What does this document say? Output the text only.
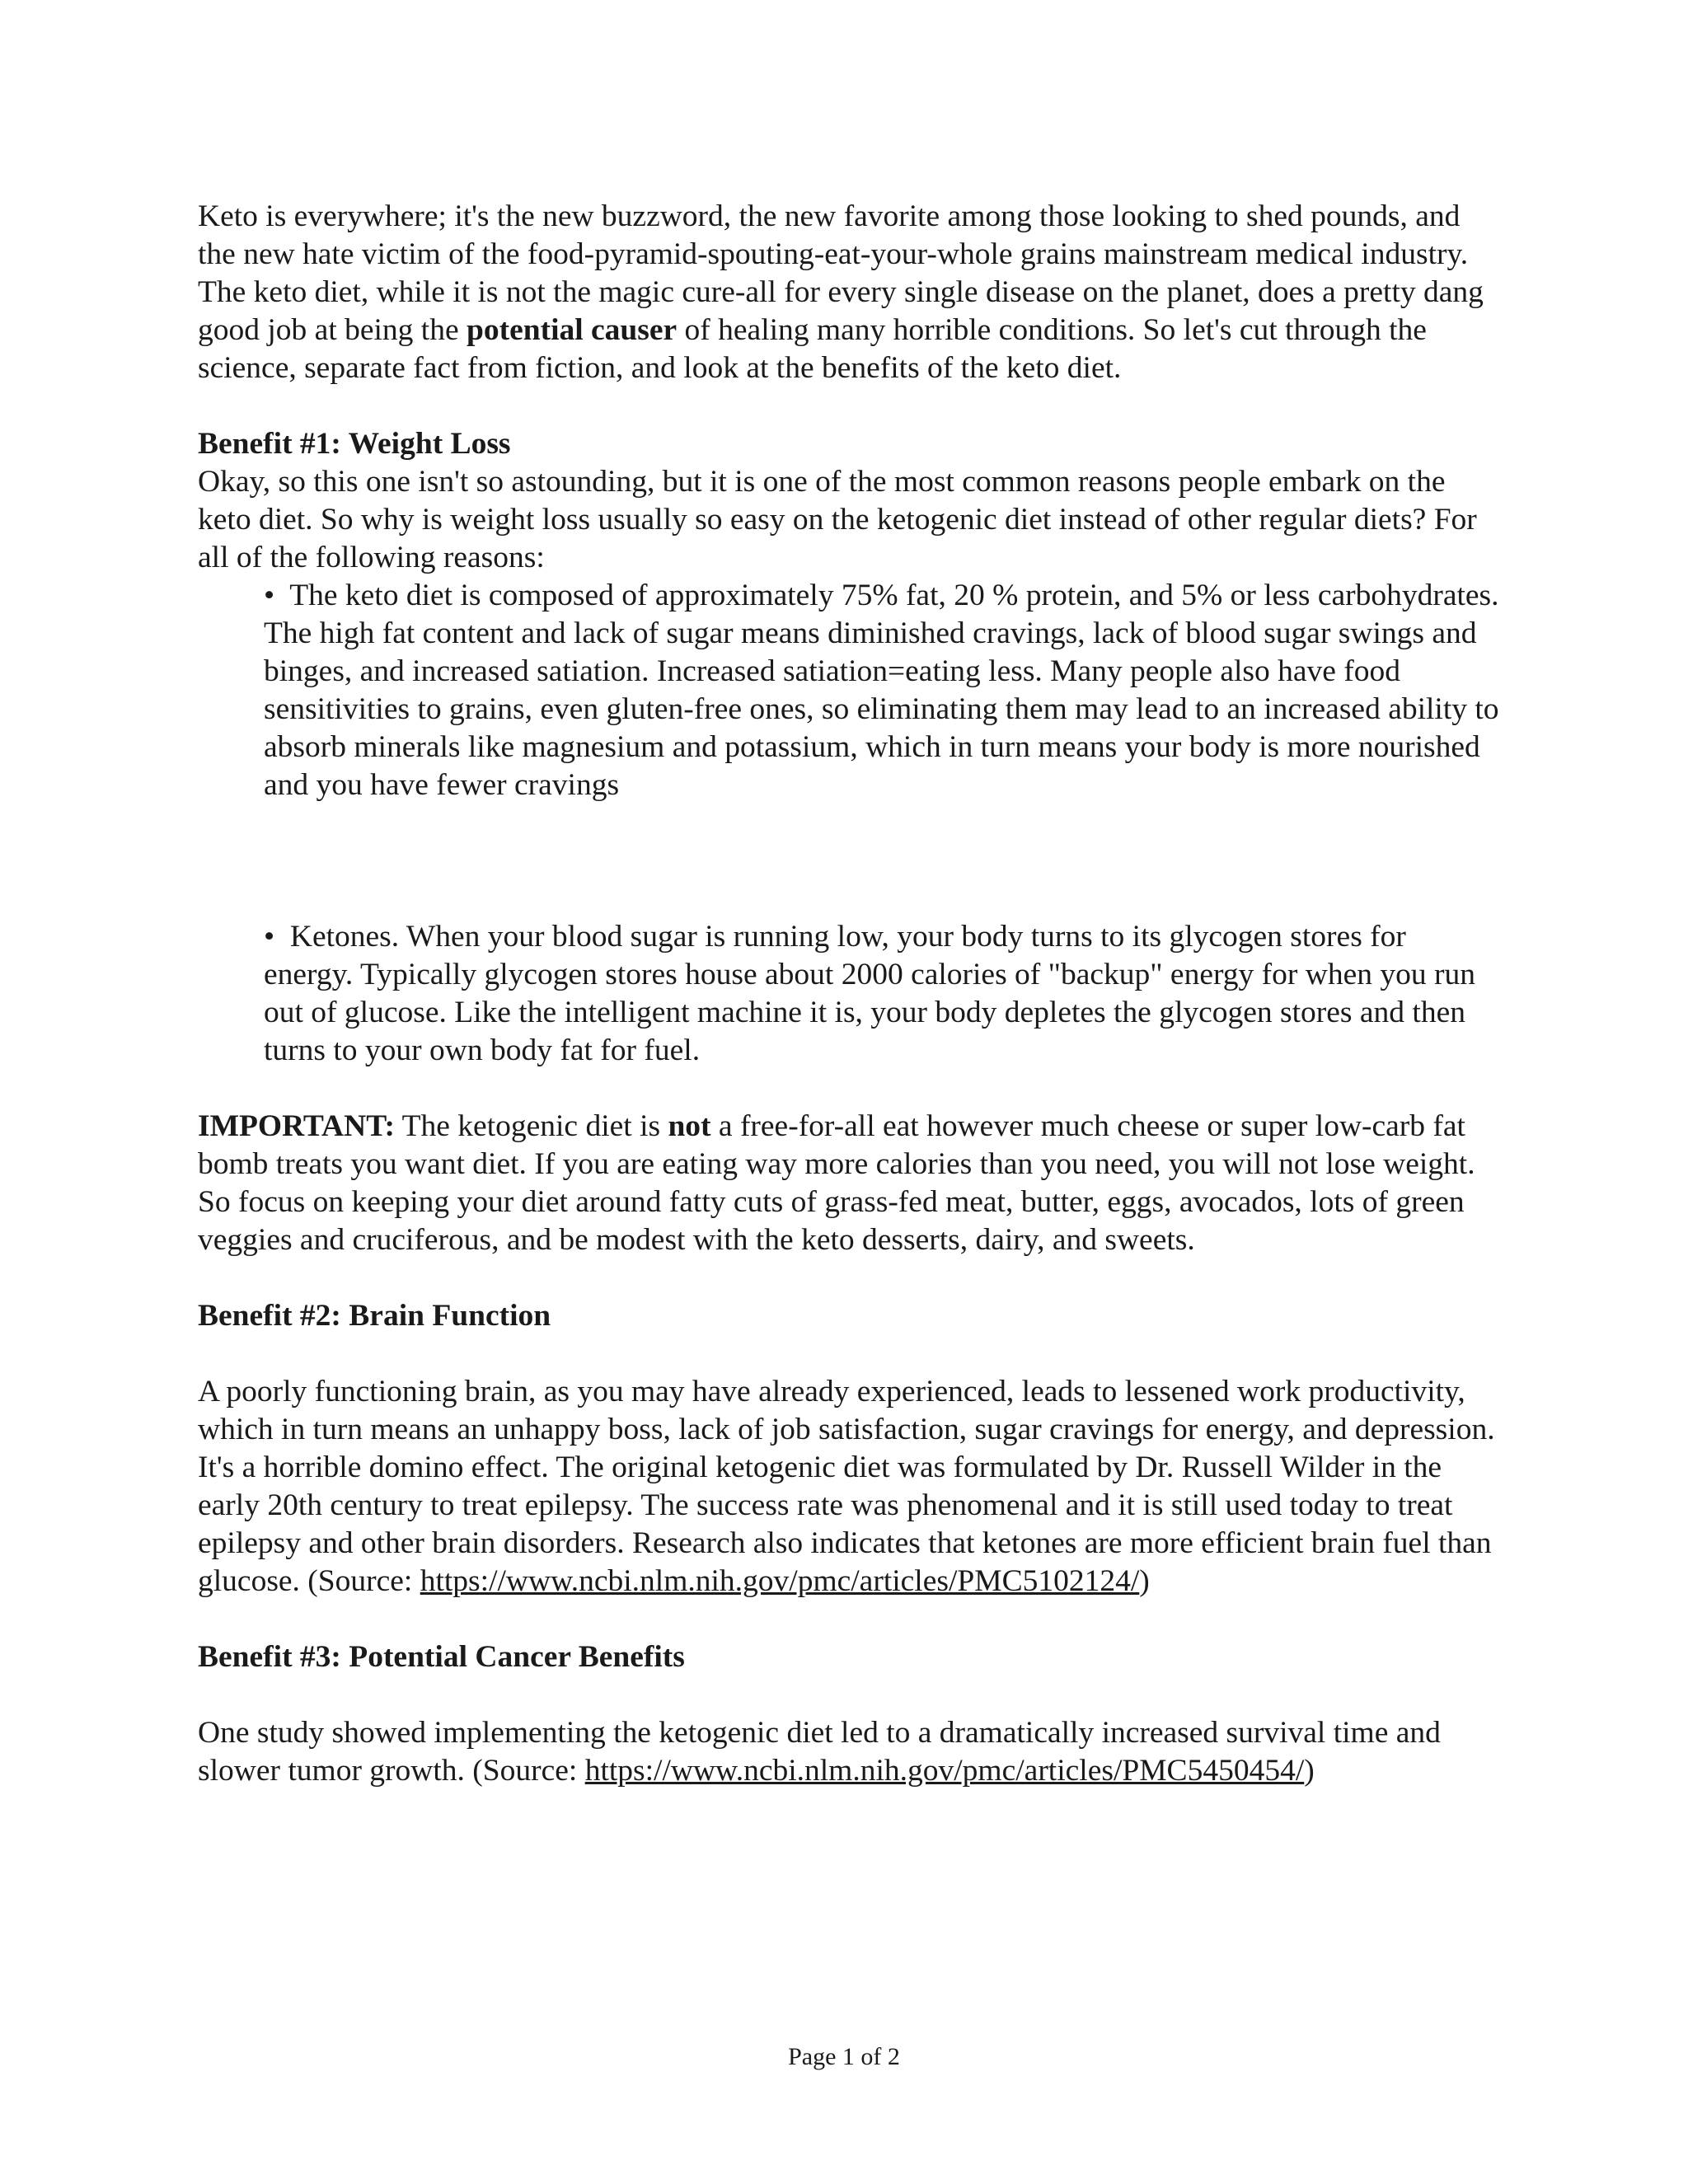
Keto is everywhere; it's the new buzzword, the new favorite among those looking to shed pounds, and the new hate victim of the food-pyramid-spouting-eat-your-whole grains mainstream medical industry. The keto diet, while it is not the magic cure-all for every single disease on the planet, does a pretty dang good job at being the potential causer of healing many horrible conditions. So let's cut through the science, separate fact from fiction, and look at the benefits of the keto diet.

Benefit #1: Weight Loss

Okay, so this one isn't so astounding, but it is one of the most common reasons people embark on the keto diet. So why is weight loss usually so easy on the ketogenic diet instead of other regular diets? For all of the following reasons:

• The keto diet is composed of approximately 75% fat, 20 % protein, and 5% or less carbohydrates. The high fat content and lack of sugar means diminished cravings, lack of blood sugar swings and binges, and increased satiation. Increased satiation=eating less. Many people also have food sensitivities to grains, even gluten-free ones, so eliminating them may lead to an increased ability to absorb minerals like magnesium and potassium, which in turn means your body is more nourished and you have fewer cravings

• Ketones. When your blood sugar is running low, your body turns to its glycogen stores for energy. Typically glycogen stores house about 2000 calories of "backup" energy for when you run out of glucose. Like the intelligent machine it is, your body depletes the glycogen stores and then turns to your own body fat for fuel.

IMPORTANT: The ketogenic diet is not a free-for-all eat however much cheese or super low-carb fat bomb treats you want diet. If you are eating way more calories than you need, you will not lose weight. So focus on keeping your diet around fatty cuts of grass-fed meat, butter, eggs, avocados, lots of green veggies and cruciferous, and be modest with the keto desserts, dairy, and sweets.

Benefit #2: Brain Function

A poorly functioning brain, as you may have already experienced, leads to lessened work productivity, which in turn means an unhappy boss, lack of job satisfaction, sugar cravings for energy, and depression. It's a horrible domino effect. The original ketogenic diet was formulated by Dr. Russell Wilder in the early 20th century to treat epilepsy. The success rate was phenomenal and it is still used today to treat epilepsy and other brain disorders. Research also indicates that ketones are more efficient brain fuel than glucose. (Source: https://www.ncbi.nlm.nih.gov/pmc/articles/PMC5102124/)

Benefit #3: Potential Cancer Benefits

One study showed implementing the ketogenic diet led to a dramatically increased survival time and slower tumor growth. (Source: https://www.ncbi.nlm.nih.gov/pmc/articles/PMC5450454/)

Page 1 of 2
